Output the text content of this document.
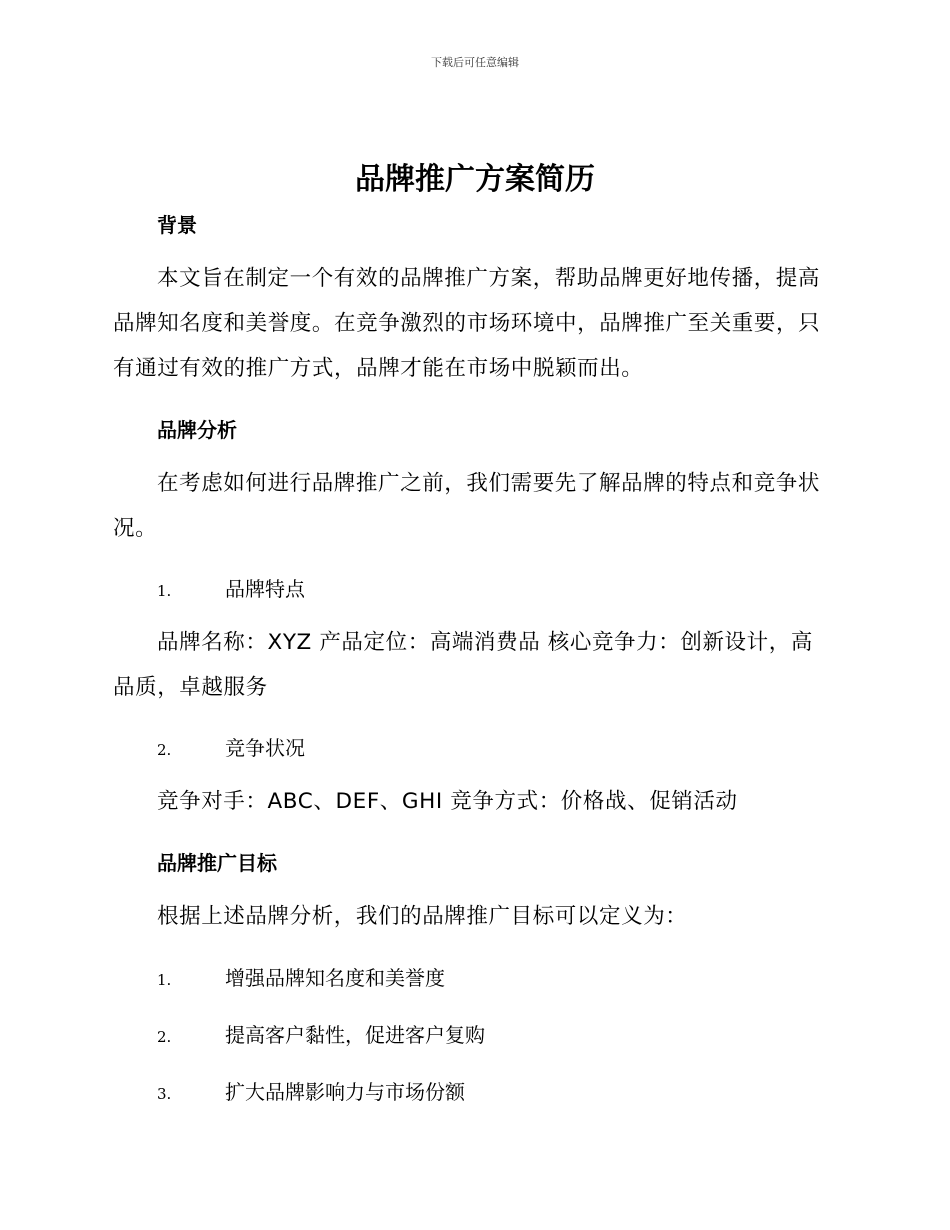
下载后可任意编辑
品牌推广方案简历
背景
本文旨在制定一个有效的品牌推广方案，帮助品牌更好地传播，提高品牌知名度和美誉度。在竞争激烈的市场环境中，品牌推广至关重要，只有通过有效的推广方式，品牌才能在市场中脱颖而出。
品牌分析
在考虑如何进行品牌推广之前，我们需要先了解品牌的特点和竞争状况。
1.	品牌特点
品牌名称：XYZ 产品定位：高端消费品 核心竞争力：创新设计，高品质，卓越服务
2.	竞争状况
竞争对手：ABC、DEF、GHI 竞争方式：价格战、促销活动
品牌推广目标
根据上述品牌分析，我们的品牌推广目标可以定义为：
1.	增强品牌知名度和美誉度
2.	提高客户黏性，促进客户复购
3.	扩大品牌影响力与市场份额
